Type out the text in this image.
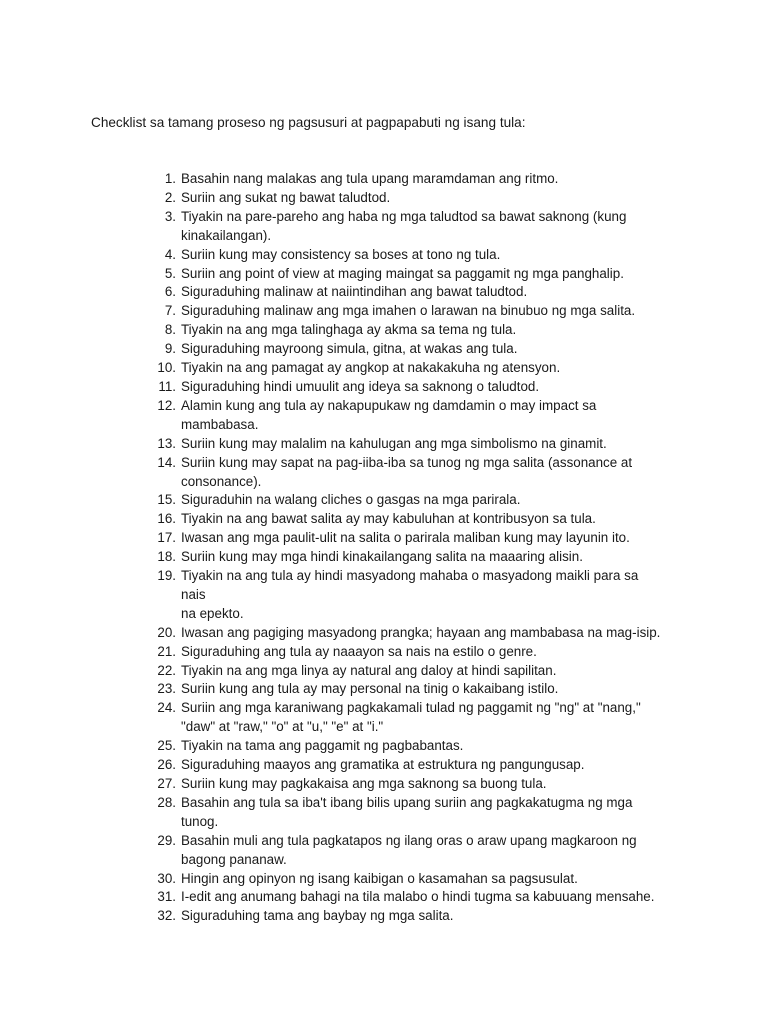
Checklist sa tamang proseso ng pagsusuri at pagpapabuti ng isang tula:
1. Basahin nang malakas ang tula upang maramdaman ang ritmo.
2. Suriin ang sukat ng bawat taludtod.
3. Tiyakin na pare-pareho ang haba ng mga taludtod sa bawat saknong (kung
kinakailangan).
4. Suriin kung may consistency sa boses at tono ng tula.
5. Suriin ang point of view at maging maingat sa paggamit ng mga panghalip.
6. Siguraduhing malinaw at naiintindihan ang bawat taludtod.
7. Siguraduhing malinaw ang mga imahen o larawan na binubuo ng mga salita.
8. Tiyakin na ang mga talinghaga ay akma sa tema ng tula.
9. Siguraduhing mayroong simula, gitna, at wakas ang tula.
10. Tiyakin na ang pamagat ay angkop at nakakakuha ng atensyon.
11. Siguraduhing hindi umuulit ang ideya sa saknong o taludtod.
12. Alamin kung ang tula ay nakapupukaw ng damdamin o may impact sa
mambabasa.
13. Suriin kung may malalim na kahulugan ang mga simbolismo na ginamit.
14. Suriin kung may sapat na pag-iiba-iba sa tunog ng mga salita (assonance at
consonance).
15. Siguraduhin na walang cliches o gasgas na mga parirala.
16. Tiyakin na ang bawat salita ay may kabuluhan at kontribusyon sa tula.
17. Iwasan ang mga paulit-ulit na salita o parirala maliban kung may layunin ito.
18. Suriin kung may mga hindi kinakailangang salita na maaaring alisin.
19. Tiyakin na ang tula ay hindi masyadong mahaba o masyadong maikli para sa nais
na epekto.
20. Iwasan ang pagiging masyadong prangka; hayaan ang mambabasa na mag-isip.
21. Siguraduhing ang tula ay naaayon sa nais na estilo o genre.
22. Tiyakin na ang mga linya ay natural ang daloy at hindi sapilitan.
23. Suriin kung ang tula ay may personal na tinig o kakaibang istilo.
24. Suriin ang mga karaniwang pagkakamali tulad ng paggamit ng "ng" at "nang,"
"daw" at "raw," "o" at "u," "e" at "i."
25. Tiyakin na tama ang paggamit ng pagbabantas.
26. Siguraduhing maayos ang gramatika at estruktura ng pangungusap.
27. Suriin kung may pagkakaisa ang mga saknong sa buong tula.
28. Basahin ang tula sa iba't ibang bilis upang suriin ang pagkakatugma ng mga
tunog.
29. Basahin muli ang tula pagkatapos ng ilang oras o araw upang magkaroon ng
bagong pananaw.
30. Hingin ang opinyon ng isang kaibigan o kasamahan sa pagsusulat.
31. I-edit ang anumang bahagi na tila malabo o hindi tugma sa kabuuang mensahe.
32. Siguraduhing tama ang baybay ng mga salita.
